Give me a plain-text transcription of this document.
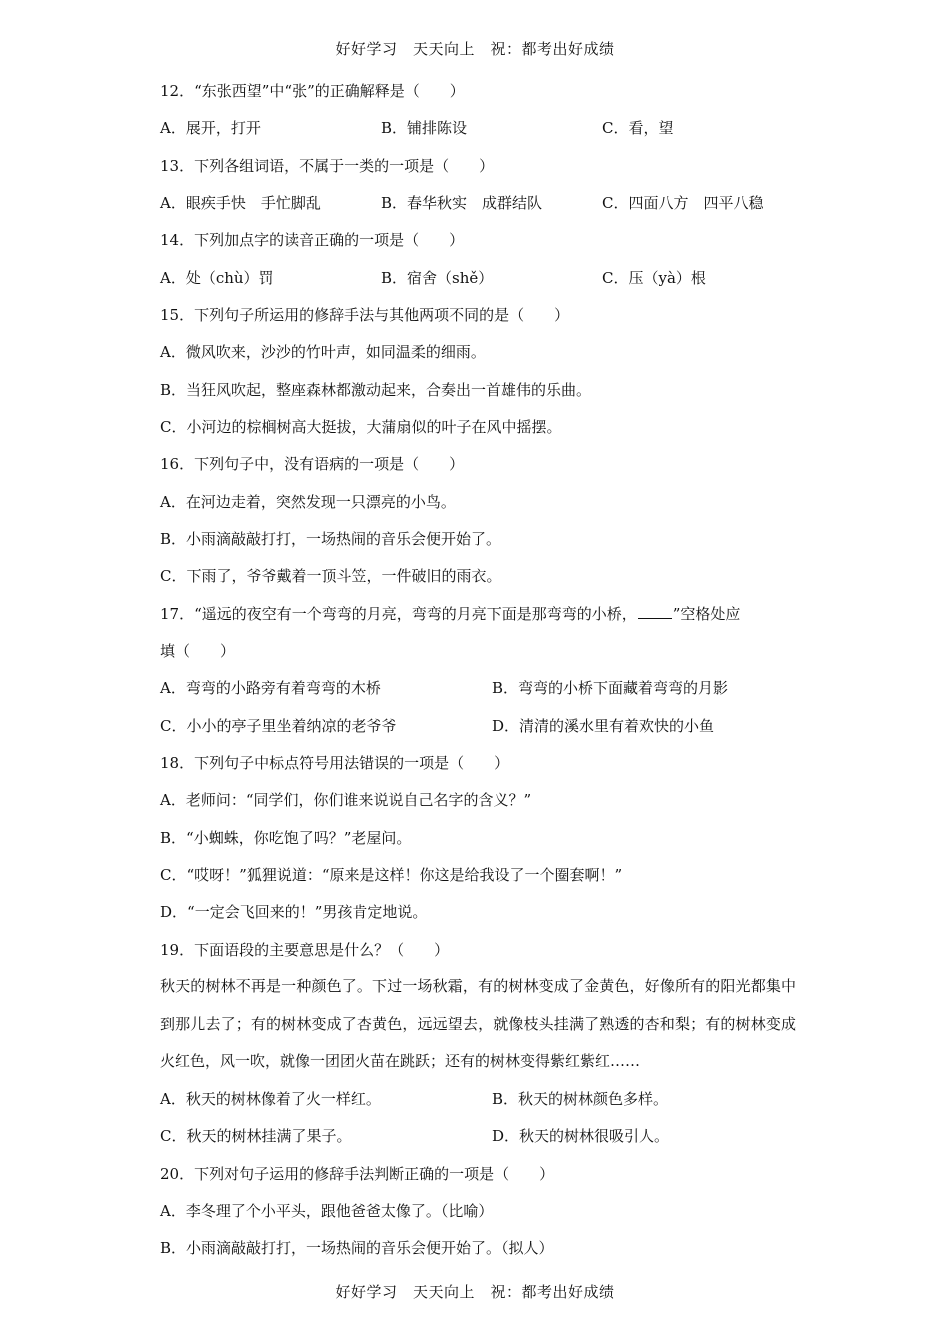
好好学习　天天向上　祝：都考出好成绩
12．“东张西望”中“张”的正确解释是（　　）
A．展开，打开	B．铺排陈设	C．看，望
13．下列各组词语，不属于一类的一项是（　　）
A．眼疾手快　手忙脚乱	B．春华秋实　成群结队	C．四面八方　四平八稳
14．下列加点字的读音正确的一项是（　　）
A．处（chù）罚	B．宿舍（shě）	C．压（yà）根
15．下列句子所运用的修辞手法与其他两项不同的是（　　）
A．微风吹来，沙沙的竹叶声，如同温柔的细雨。
B．当狂风吹起，整座森林都激动起来，合奏出一首雄伟的乐曲。
C．小河边的棕榈树高大挺拔，大蒲扇似的叶子在风中摇摆。
16．下列句子中，没有语病的一项是（　　）
A．在河边走着，突然发现一只漂亮的小鸟。
B．小雨滴敲敲打打，一场热闹的音乐会便开始了。
C．下雨了，爷爷戴着一顶斗笠，一件破旧的雨衣。
17．“遥远的夜空有一个弯弯的月亮，弯弯的月亮下面是那弯弯的小桥， ”空格处应
填（　　）
A．弯弯的小路旁有着弯弯的木桥	B．弯弯的小桥下面藏着弯弯的月影
C．小小的亭子里坐着纳凉的老爷爷	D．清清的溪水里有着欢快的小鱼
18．下列句子中标点符号用法错误的一项是（　　）
A．老师问：“同学们，你们谁来说说自己名字的含义？”
B．“小蜘蛛，你吃饱了吗？”老屋问。
C．“哎呀！”狐狸说道：“原来是这样！你这是给我设了一个圈套啊！”
D．“一定会飞回来的！”男孩肯定地说。
19．下面语段的主要意思是什么？（　　）
秋天的树林不再是一种颜色了。下过一场秋霜，有的树林变成了金黄色，好像所有的阳光都集中到那儿去了；有的树林变成了杏黄色，远远望去，就像枝头挂满了熟透的杏和梨；有的树林变成火红色，风一吹，就像一团团火苗在跳跃；还有的树林变得紫红紫红……
A．秋天的树林像着了火一样红。	B．秋天的树林颜色多样。
C．秋天的树林挂满了果子。	D．秋天的树林很吸引人。
20．下列对句子运用的修辞手法判断正确的一项是（　　）
A．李冬理了个小平头，跟他爸爸太像了。（比喻）
B．小雨滴敲敲打打，一场热闹的音乐会便开始了。（拟人）
好好学习　天天向上　祝：都考出好成绩
